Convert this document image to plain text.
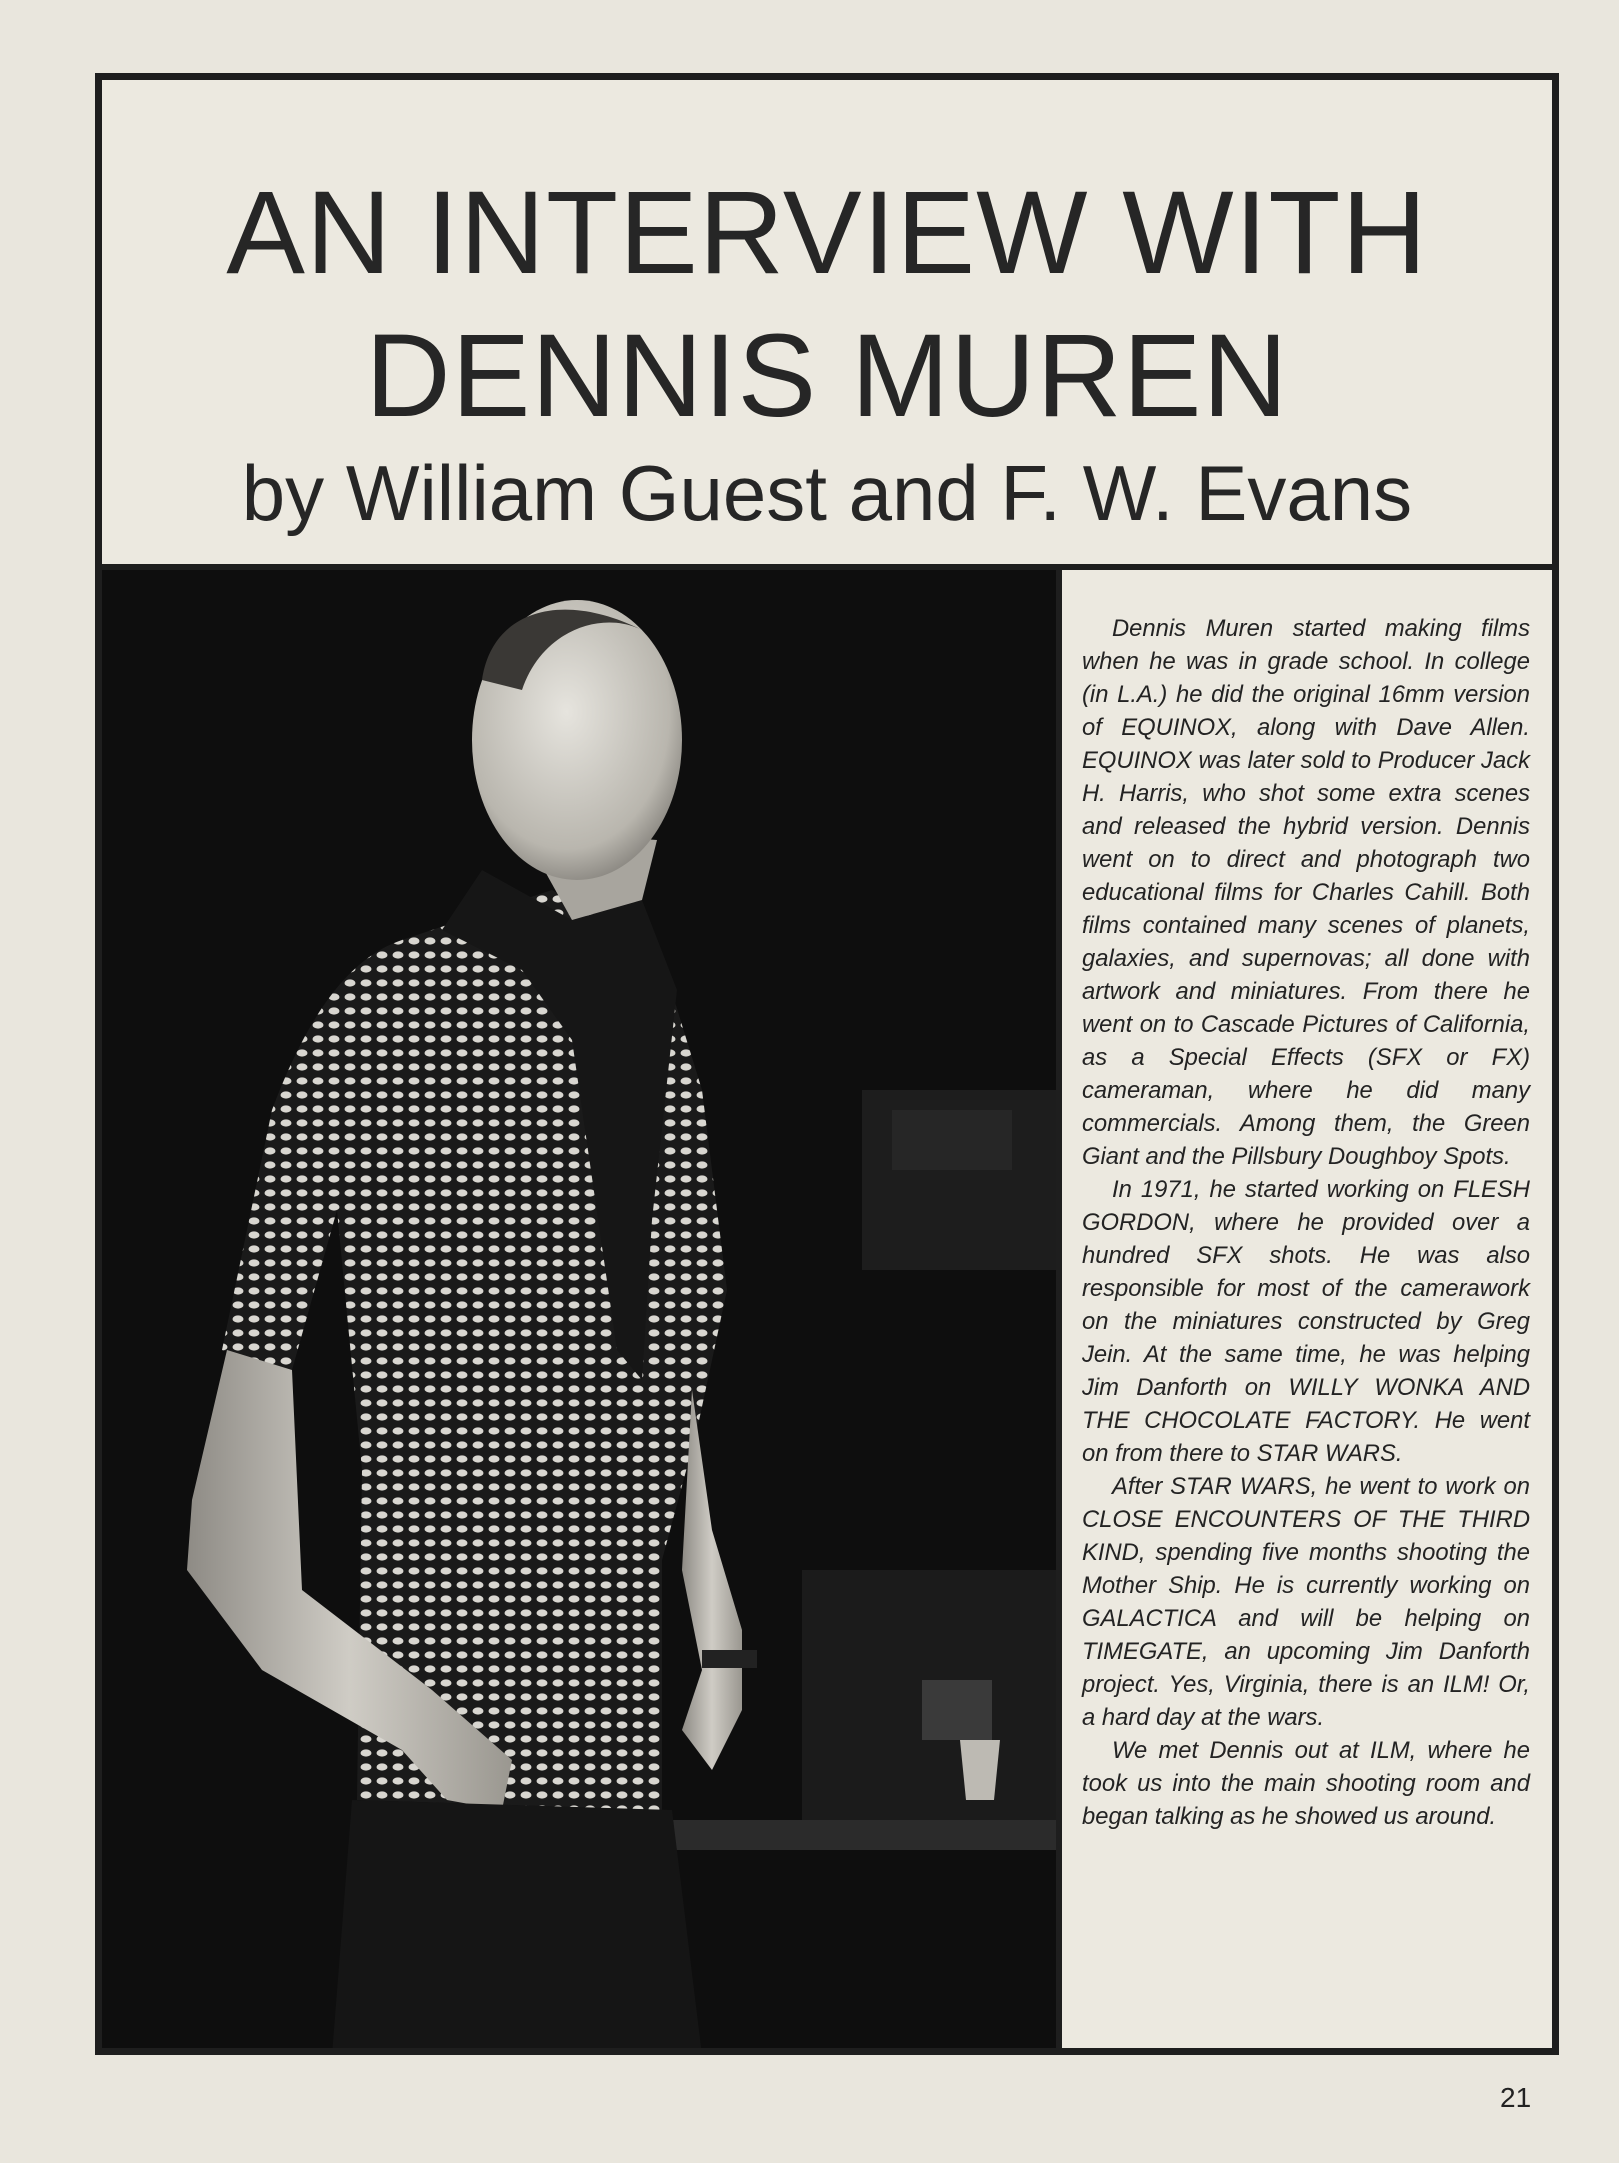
AN INTERVIEW WITH
DENNIS MUREN
by William Guest and F. W. Evans

Dennis Muren started making films when he was in grade school. In college (in L.A.) he did the original 16mm version of EQUINOX, along with Dave Allen. EQUINOX was later sold to Producer Jack H. Harris, who shot some extra scenes and released the hybrid version. Dennis went on to direct and photograph two educational films for Charles Cahill. Both films contained many scenes of planets, galaxies, and supernovas; all done with artwork and miniatures. From there he went on to Cascade Pictures of California, as a Special Effects (SFX or FX) cameraman, where he did many commercials. Among them, the Green Giant and the Pillsbury Doughboy Spots.

In 1971, he started working on FLESH GORDON, where he provided over a hundred SFX shots. He was also responsible for most of the camerawork on the miniatures constructed by Greg Jein. At the same time, he was helping Jim Danforth on WILLY WONKA AND THE CHOCOLATE FACTORY. He went on from there to STAR WARS.

After STAR WARS, he went to work on CLOSE ENCOUNTERS OF THE THIRD KIND, spending five months shooting the Mother Ship. He is currently working on GALACTICA and will be helping on TIMEGATE, an upcoming Jim Danforth project. Yes, Virginia, there is an ILM! Or, a hard day at the wars.

We met Dennis out at ILM, where he took us into the main shooting room and began talking as he showed us around.

21
